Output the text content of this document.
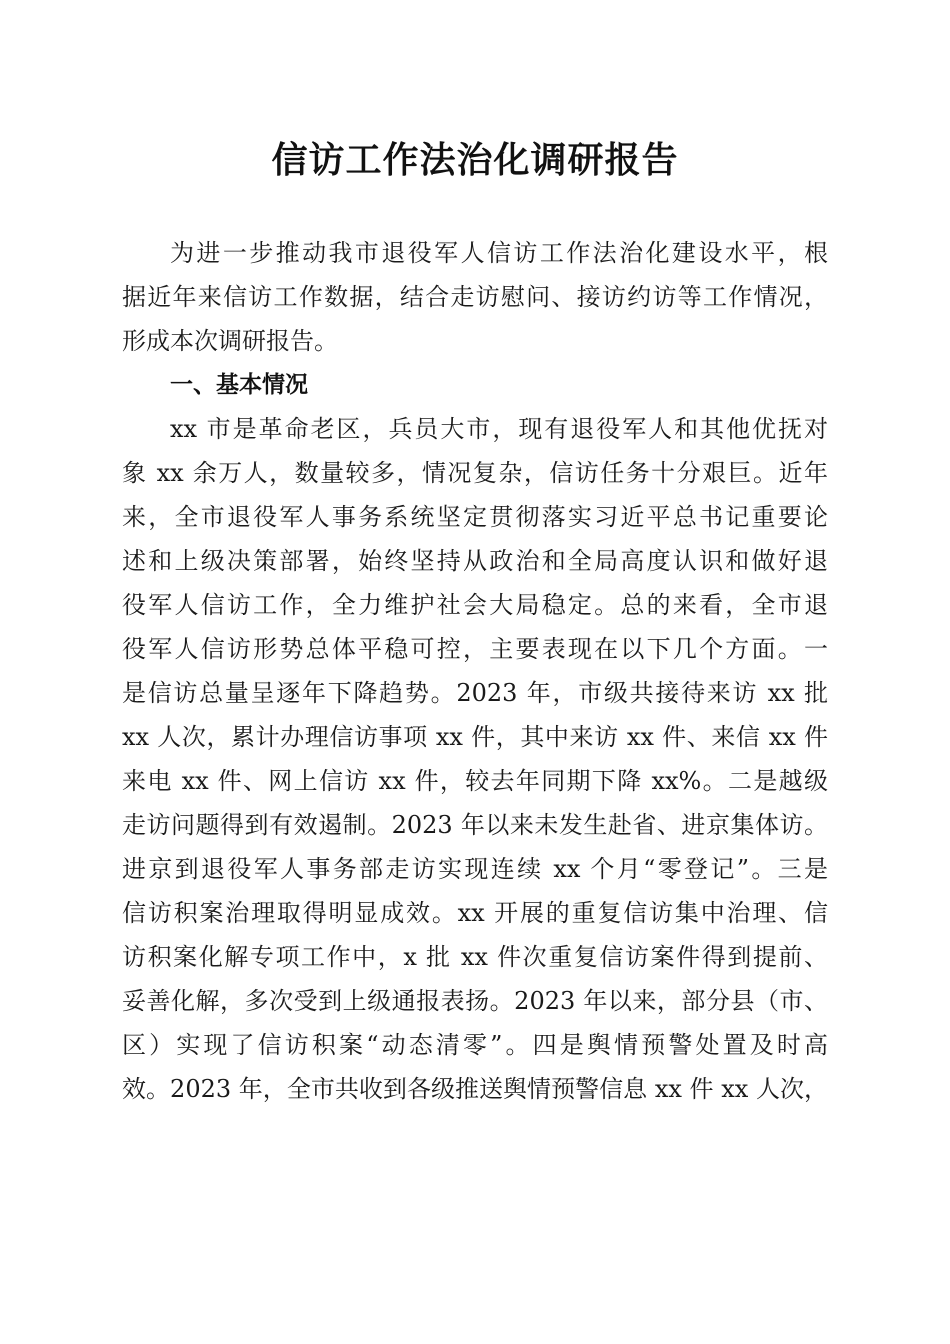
信访工作法治化调研报告
为进一步推动我市退役军人信访工作法治化建设水平，根
据近年来信访工作数据，结合走访慰问、接访约访等工作情况，
形成本次调研报告。
一、基本情况
xx 市是革命老区，兵员大市，现有退役军人和其他优抚对
象 xx 余万人，数量较多，情况复杂，信访任务十分艰巨。近年
来，全市退役军人事务系统坚定贯彻落实习近平总书记重要论
述和上级决策部署，始终坚持从政治和全局高度认识和做好退
役军人信访工作，全力维护社会大局稳定。总的来看，全市退
役军人信访形势总体平稳可控，主要表现在以下几个方面。一
是信访总量呈逐年下降趋势。2023 年，市级共接待来访 xx 批
xx 人次，累计办理信访事项 xx 件，其中来访 xx 件、来信 xx 件
来电 xx 件、网上信访 xx 件，较去年同期下降 xx%。二是越级
走访问题得到有效遏制。2023 年以来未发生赴省、进京集体访。
进京到退役军人事务部走访实现连续 xx 个月“零登记”。三是
信访积案治理取得明显成效。xx 开展的重复信访集中治理、信
访积案化解专项工作中，x 批 xx 件次重复信访案件得到提前、
妥善化解，多次受到上级通报表扬。2023 年以来，部分县（市、
区）实现了信访积案“动态清零”。四是舆情预警处置及时高
效。2023 年，全市共收到各级推送舆情预警信息 xx 件 xx 人次，
